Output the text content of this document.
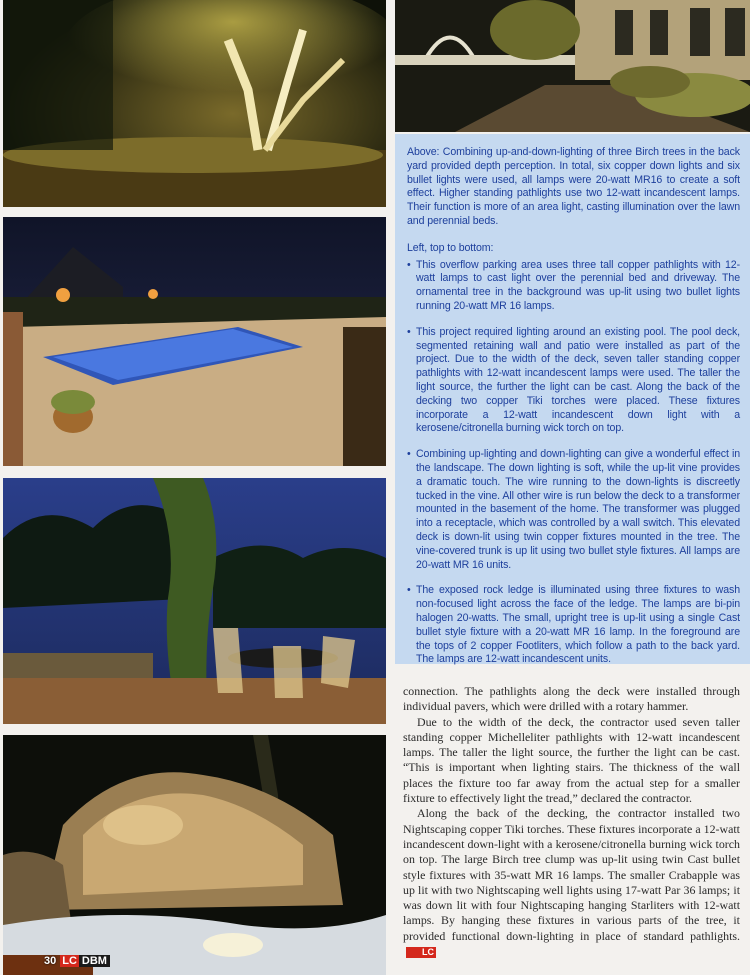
Above: Combining up-and-down-lighting of three Birch trees in the back yard provided depth perception. In total, six copper down lights and six bullet lights were used, all lamps were 20-watt MR16 to create a soft effect. Higher standing pathlights use two 12-watt incandescent lamps. Their function is more of an area light, casting illumination over the lawn and perennial beds.

Left, top to bottom:

• This overflow parking area uses three tall copper pathlights with 12-watt lamps to cast light over the perennial bed and driveway. The ornamental tree in the background was up-lit using two bullet lights running 20-watt MR 16 lamps.
• This project required lighting around an existing pool. The pool deck, segmented retaining wall and patio were installed as part of the project. Due to the width of the deck, seven taller standing copper pathlights with 12-watt incandescent lamps were used. The taller the light source, the further the light can be cast. Along the back of the decking two copper Tiki torches were placed. These fixtures incorporate a 12-watt incandescent down light with a kerosene/citronella burning wick torch on top.
• Combining up-lighting and down-lighting can give a wonderful effect in the landscape. The down lighting is soft, while the up-lit vine provides a dramatic touch. The wire running to the down-lights is discreetly tucked in the vine. All other wire is run below the deck to a transformer mounted in the basement of the home. The transformer was plugged into a receptacle, which was controlled by a wall switch. This elevated deck is down-lit using twin copper fixtures mounted in the tree. The vine-covered trunk is up lit using two bullet style fixtures. All lamps are 20-watt MR 16 units.
• The exposed rock ledge is illuminated using three fixtures to wash non-focused light across the face of the ledge. The lamps are bi-pin halogen 20-watts. The small, upright tree is up-lit using a single Cast bullet style fixture with a 20-watt MR 16 lamp. In the foreground are the tops of 2 copper Footliters, which follow a path to the back yard. The lamps are 12-watt incandescent units.

connection. The pathlights along the deck were installed through individual pavers, which were drilled with a rotary hammer.

Due to the width of the deck, the contractor used seven taller standing copper Michelleliter pathlights with 12-watt incandescent lamps. The taller the light source, the further the light can be cast. “This is important when lighting stairs. The thickness of the wall places the fixture too far away from the actual step for a smaller fixture to effectively light the tread,” declared the contractor.

Along the back of the decking, the contractor installed two Nightscaping copper Tiki torches. These fixtures incorporate a 12-watt incandescent down-light with a kerosene/citronella burning wick torch on top. The large Birch tree clump was up-lit using twin Cast bullet style fixtures with 35-watt MR 16 lamps. The smaller Crabapple was up lit with two Nightscaping well lights using 17-watt Par 36 lamps; it was down lit with four Nightscaping hanging Starliters with 12-watt lamps. By hanging these fixtures in various parts of the tree, it provided functional down-lighting in place of standard pathlights.LC

30 LC DBM
